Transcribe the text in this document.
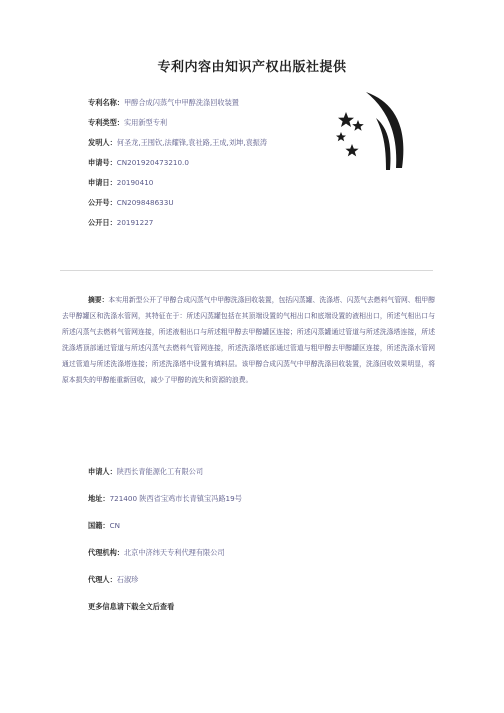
专利内容由知识产权出版社提供
专利名称：甲醇合成闪蒸气中甲醇洗涤回收装置
专利类型：实用新型专利
发明人：何圣龙,王囤钦,法耀锋,袁社路,王成,刘坤,袁振涛
申请号：CN201920473210.0
申请日：20190410
公开号：CN209848633U
公开日：20191227
摘要：本实用新型公开了甲醇合成闪蒸气中甲醇洗涤回收装置，包括闪蒸罐、洗涤塔、闪蒸气去燃料气管网、粗甲醇去甲醇罐区和洗涤水管网，其特征在于：所述闪蒸罐包括在其顶端设置的气相出口和底端设置的液相出口，所述气相出口与所述闪蒸气去燃料气管网连接，所述液相出口与所述粗甲醇去甲醇罐区连接；所述闪蒸罐通过管道与所述洗涤塔连接，所述洗涤塔顶部通过管道与所述闪蒸气去燃料气管网连接，所述洗涤塔底部通过管道与粗甲醇去甲醇罐区连接，所述洗涤水管网通过管道与所述洗涤塔连接；所述洗涤塔中设置有填料层。该甲醇合成闪蒸气中甲醇洗涤回收装置，洗涤回收效果明显，将原本损失的甲醇能重新回收，减少了甲醇的流失和资源的浪费。
申请人：陕西长青能源化工有限公司
地址：721400 陕西省宝鸡市长青镇宝冯路19号
国籍：CN
代理机构：北京中济纬天专利代理有限公司
代理人：石淑珍
更多信息请下载全文后查看
